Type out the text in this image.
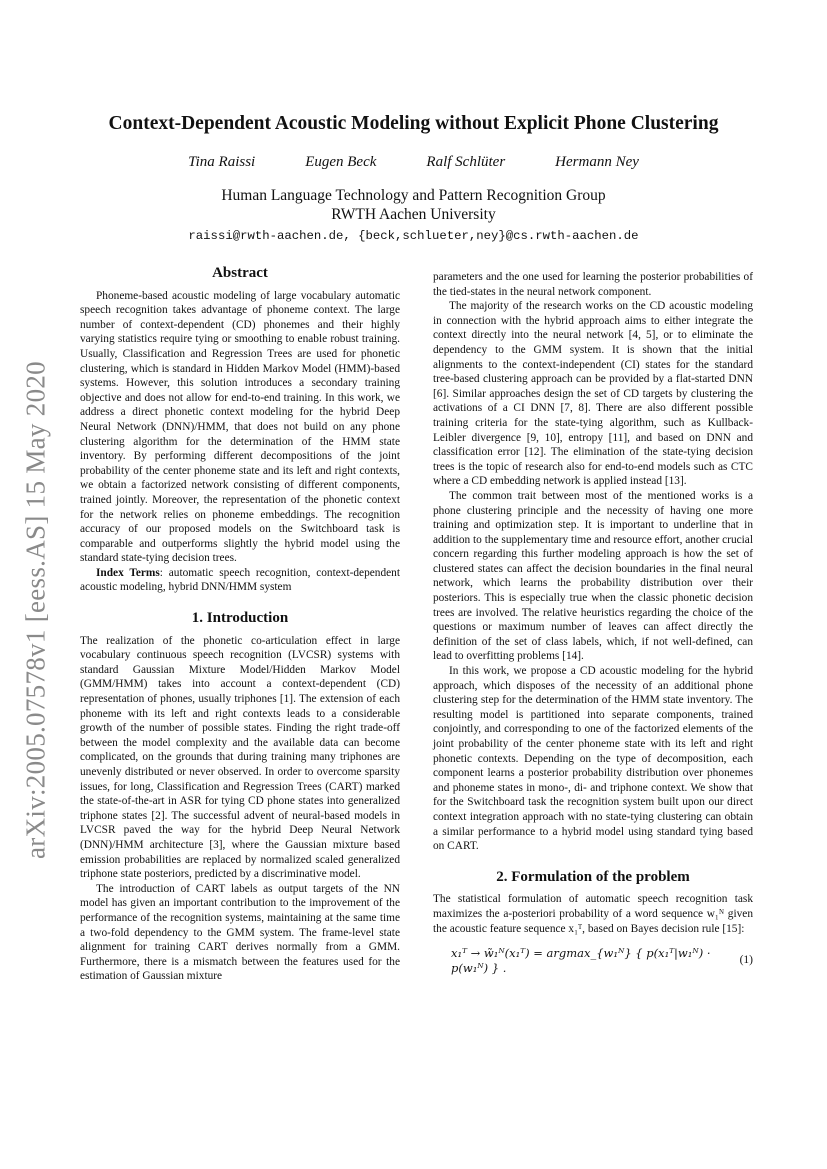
arXiv:2005.07578v1 [eess.AS] 15 May 2020
Context-Dependent Acoustic Modeling without Explicit Phone Clustering
Tina Raissi	Eugen Beck	Ralf Schlüter	Hermann Ney
Human Language Technology and Pattern Recognition Group
RWTH Aachen University
raissi@rwth-aachen.de, {beck,schlueter,ney}@cs.rwth-aachen.de
Abstract

Phoneme-based acoustic modeling of large vocabulary automatic speech recognition takes advantage of phoneme context. The large number of context-dependent (CD) phonemes and their highly varying statistics require tying or smoothing to enable robust training. Usually, Classification and Regression Trees are used for phonetic clustering, which is standard in Hidden Markov Model (HMM)-based systems. However, this solution introduces a secondary training objective and does not allow for end-to-end training. In this work, we address a direct phonetic context modeling for the hybrid Deep Neural Network (DNN)/HMM, that does not build on any phone clustering algorithm for the determination of the HMM state inventory. By performing different decompositions of the joint probability of the center phoneme state and its left and right contexts, we obtain a factorized network consisting of different components, trained jointly. Moreover, the representation of the phonetic context for the network relies on phoneme embeddings. The recognition accuracy of our proposed models on the Switchboard task is comparable and outperforms slightly the hybrid model using the standard state-tying decision trees.

Index Terms: automatic speech recognition, context-dependent acoustic modeling, hybrid DNN/HMM system

1. Introduction

The realization of the phonetic co-articulation effect in large vocabulary continuous speech recognition (LVCSR) systems with standard Gaussian Mixture Model/Hidden Markov Model (GMM/HMM) takes into account a context-dependent (CD) representation of phones, usually triphones [1]. The extension of each phoneme with its left and right contexts leads to a considerable growth of the number of possible states. Finding the right trade-off between the model complexity and the available data can become complicated, on the grounds that during training many triphones are unevenly distributed or never observed. In order to overcome sparsity issues, for long, Classification and Regression Trees (CART) marked the state-of-the-art in ASR for tying CD phone states into generalized triphone states [2]. The successful advent of neural-based models in LVCSR paved the way for the hybrid Deep Neural Network (DNN)/HMM architecture [3], where the Gaussian mixture based emission probabilities are replaced by normalized scaled generalized triphone state posteriors, predicted by a discriminative model.

The introduction of CART labels as output targets of the NN model has given an important contribution to the improvement of the performance of the recognition systems, maintaining at the same time a two-fold dependency to the GMM system. The frame-level state alignment for training CART derives normally from a GMM. Furthermore, there is a mismatch between the features used for the estimation of Gaussian mixture

parameters and the one used for learning the posterior probabilities of the tied-states in the neural network component.

The majority of the research works on the CD acoustic modeling in connection with the hybrid approach aims to either integrate the context directly into the neural network [4, 5], or to eliminate the dependency to the GMM system. It is shown that the initial alignments to the context-independent (CI) states for the standard tree-based clustering approach can be provided by a flat-started DNN [6]. Similar approaches design the set of CD targets by clustering the activations of a CI DNN [7, 8]. There are also different possible training criteria for the state-tying algorithm, such as Kullback-Leibler divergence [9, 10], entropy [11], and based on DNN and classification error [12]. The elimination of the state-tying decision trees is the topic of research also for end-to-end models such as CTC where a CD embedding network is applied instead [13].

The common trait between most of the mentioned works is a phone clustering principle and the necessity of having one more training and optimization step. It is important to underline that in addition to the supplementary time and resource effort, another crucial concern regarding this further modeling approach is how the set of clustered states can affect the decision boundaries in the final neural network, which learns the probability distribution over their posteriors. This is especially true when the classic phonetic decision trees are involved. The relative heuristics regarding the choice of the questions or maximum number of leaves can affect directly the definition of the set of class labels, which, if not well-defined, can lead to overfitting problems [14].

In this work, we propose a CD acoustic modeling for the hybrid approach, which disposes of the necessity of an additional phone clustering step for the determination of the HMM state inventory. The resulting model is partitioned into separate components, trained conjointly, and corresponding to one of the factorized elements of the joint probability of the center phoneme state with its left and right phonetic contexts. Depending on the type of decomposition, each component learns a posterior probability distribution over phonemes and phoneme states in mono-, di- and triphone context. We show that for the Switchboard task the recognition system built upon our direct context integration approach with no state-tying clustering can obtain a similar performance to a hybrid model using standard tying based on CART.

2. Formulation of the problem

The statistical formulation of automatic speech recognition task maximizes the a-posteriori probability of a word sequence w₁ᴺ given the acoustic feature sequence x₁ᵀ, based on Bayes decision rule [15]:

x₁ᵀ → w̃₁ᴺ(x₁ᵀ) = argmax_{w₁ᴺ} { p(x₁ᵀ|w₁ᴺ) · p(w₁ᴺ) } .
(1)
